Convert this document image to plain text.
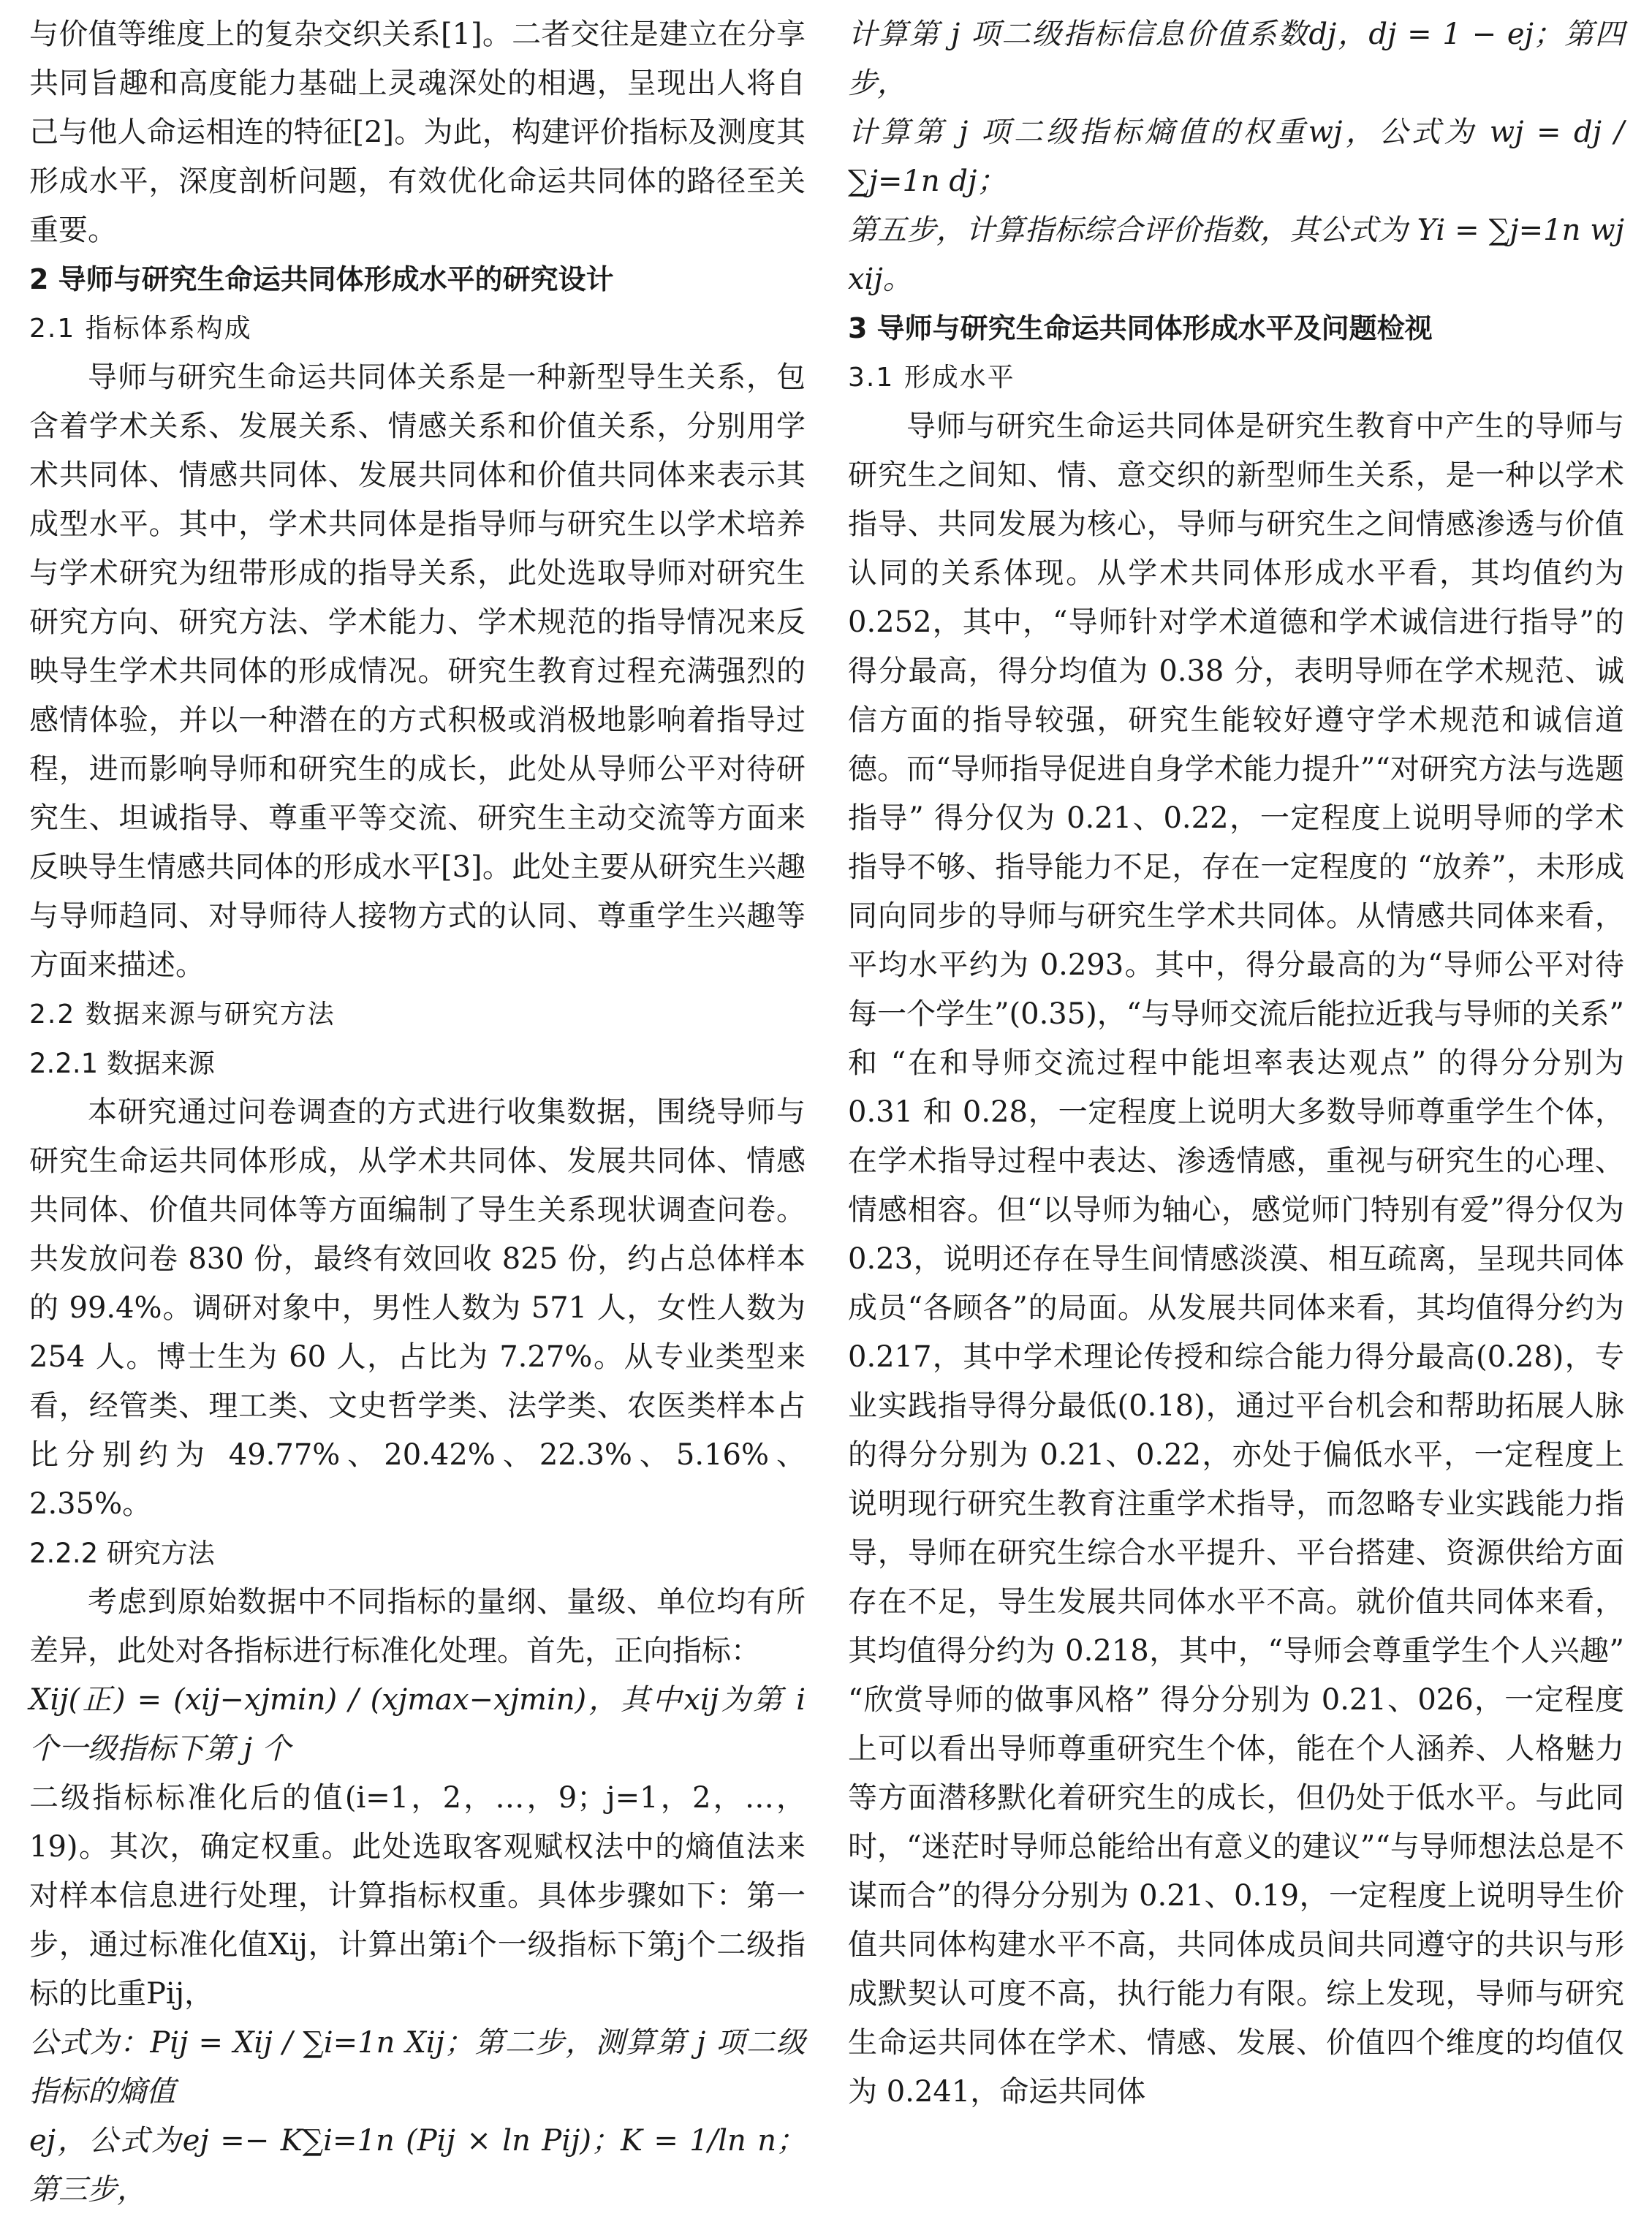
与价值等维度上的复杂交织关系[1]。二者交往是建立在分享共同旨趣和高度能力基础上灵魂深处的相遇，呈现出人将自己与他人命运相连的特征[2]。为此，构建评价指标及测度其形成水平，深度剖析问题，有效优化命运共同体的路径至关重要。

2 导师与研究生命运共同体形成水平的研究设计

2.1 指标体系构成

导师与研究生命运共同体关系是一种新型导生关系，包含着学术关系、发展关系、情感关系和价值关系，分别用学术共同体、情感共同体、发展共同体和价值共同体来表示其成型水平。其中，学术共同体是指导师与研究生以学术培养与学术研究为纽带形成的指导关系，此处选取导师对研究生研究方向、研究方法、学术能力、学术规范的指导情况来反映导生学术共同体的形成情况。研究生教育过程充满强烈的感情体验，并以一种潜在的方式积极或消极地影响着指导过程，进而影响导师和研究生的成长，此处从导师公平对待研究生、坦诚指导、尊重平等交流、研究生主动交流等方面来反映导生情感共同体的形成水平[3]。此处主要从研究生兴趣与导师趋同、对导师待人接物方式的认同、尊重学生兴趣等方面来描述。

2.2 数据来源与研究方法

2.2.1 数据来源

本研究通过问卷调查的方式进行收集数据，围绕导师与研究生命运共同体形成，从学术共同体、发展共同体、情感共同体、价值共同体等方面编制了导生关系现状调查问卷。共发放问卷 830 份，最终有效回收 825 份，约占总体样本的 99.4%。调研对象中，男性人数为 571 人，女性人数为 254 人。博士生为 60 人，占比为 7.27%。从专业类型来看，经管类、理工类、文史哲学类、法学类、农医类样本占比分别约为 49.77%、20.42%、22.3%、5.16%、2.35%。

2.2.2 研究方法

考虑到原始数据中不同指标的量纲、量级、单位均有所差异，此处对各指标进行标准化处理。首先，正向指标：

Xij(正) = (xij−xjmin) / (xjmax−xjmin)，其中xij为第 i 个一级指标下第 j 个

二级指标标准化后的值(i=1，2，…，9；j=1，2，…，19)。其次，确定权重。此处选取客观赋权法中的熵值法来对样本信息进行处理，计算指标权重。具体步骤如下：第一步，通过标准化值Xij，计算出第i个一级指标下第j个二级指标的比重Pij，

公式为：Pij = Xij / ∑i=1n Xij；第二步，测算第 j 项二级指标的熵值

ej，公式为ej =− K∑i=1n (Pij × ln Pij)；K = 1/ln n；第三步，

计算第 j 项二级指标信息价值系数dj，dj = 1 − ej；第四步，

计算第 j 项二级指标熵值的权重wj，公式为 wj = dj / ∑j=1n dj；

第五步，计算指标综合评价指数，其公式为 Yi = ∑j=1n wj xij。

3 导师与研究生命运共同体形成水平及问题检视

3.1 形成水平

导师与研究生命运共同体是研究生教育中产生的导师与研究生之间知、情、意交织的新型师生关系，是一种以学术指导、共同发展为核心，导师与研究生之间情感渗透与价值认同的关系体现。从学术共同体形成水平看，其均值约为 0.252，其中，“导师针对学术道德和学术诚信进行指导”的得分最高，得分均值为 0.38 分，表明导师在学术规范、诚信方面的指导较强，研究生能较好遵守学术规范和诚信道德。而“导师指导促进自身学术能力提升”“对研究方法与选题指导” 得分仅为 0.21、0.22，一定程度上说明导师的学术指导不够、指导能力不足，存在一定程度的 “放养”，未形成同向同步的导师与研究生学术共同体。从情感共同体来看，平均水平约为 0.293。其中，得分最高的为“导师公平对待每一个学生”(0.35)，“与导师交流后能拉近我与导师的关系” 和 “在和导师交流过程中能坦率表达观点” 的得分分别为 0.31 和 0.28，一定程度上说明大多数导师尊重学生个体，在学术指导过程中表达、渗透情感，重视与研究生的心理、情感相容。但“以导师为轴心，感觉师门特别有爱”得分仅为 0.23，说明还存在导生间情感淡漠、相互疏离，呈现共同体成员“各顾各”的局面。从发展共同体来看，其均值得分约为 0.217，其中学术理论传授和综合能力得分最高(0.28)，专业实践指导得分最低(0.18)，通过平台机会和帮助拓展人脉的得分分别为 0.21、0.22，亦处于偏低水平，一定程度上说明现行研究生教育注重学术指导，而忽略专业实践能力指导，导师在研究生综合水平提升、平台搭建、资源供给方面存在不足，导生发展共同体水平不高。就价值共同体来看，其均值得分约为 0.218，其中，“导师会尊重学生个人兴趣” “欣赏导师的做事风格” 得分分别为 0.21、026，一定程度上可以看出导师尊重研究生个体，能在个人涵养、人格魅力等方面潜移默化着研究生的成长，但仍处于低水平。与此同时，“迷茫时导师总能给出有意义的建议”“与导师想法总是不谋而合”的得分分别为 0.21、0.19，一定程度上说明导生价值共同体构建水平不高，共同体成员间共同遵守的共识与形成默契认可度不高，执行能力有限。综上发现，导师与研究生命运共同体在学术、情感、发展、价值四个维度的均值仅为 0.241，命运共同体
